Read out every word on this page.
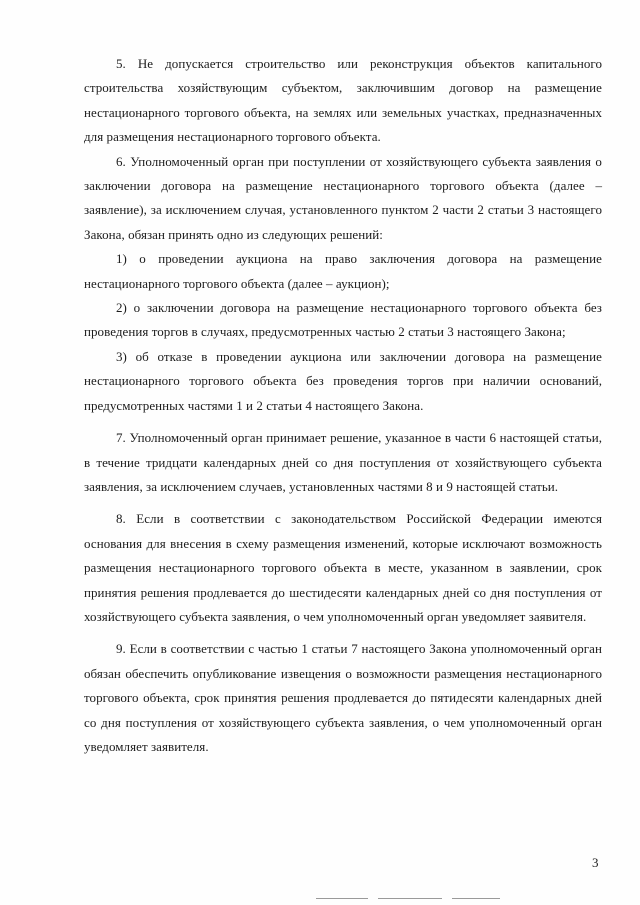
5. Не допускается строительство или реконструкция объектов капитального строительства хозяйствующим субъектом, заключившим договор на размещение нестационарного торгового объекта, на землях или земельных участках, предназначенных для размещения нестационарного торгового объекта.

6. Уполномоченный орган при поступлении от хозяйствующего субъекта заявления о заключении договора на размещение нестационарного торгового объекта (далее – заявление), за исключением случая, установленного пунктом 2 части 2 статьи 3 настоящего Закона, обязан принять одно из следующих решений:

1) о проведении аукциона на право заключения договора на размещение нестационарного торгового объекта (далее – аукцион);

2) о заключении договора на размещение нестационарного торгового объекта без проведения торгов в случаях, предусмотренных частью 2 статьи 3 настоящего Закона;

3) об отказе в проведении аукциона или заключении договора на размещение нестационарного торгового объекта без проведения торгов при наличии оснований, предусмотренных частями 1 и 2 статьи 4 настоящего Закона.

7. Уполномоченный орган принимает решение, указанное в части 6 настоящей статьи, в течение тридцати календарных дней со дня поступления от хозяйствующего субъекта заявления, за исключением случаев, установленных частями 8 и 9 настоящей статьи.

8. Если в соответствии с законодательством Российской Федерации имеются основания для внесения в схему размещения изменений, которые исключают возможность размещения нестационарного торгового объекта в месте, указанном в заявлении, срок принятия решения продлевается до шестидесяти календарных дней со дня поступления от хозяйствующего субъекта заявления, о чем уполномоченный орган уведомляет заявителя.

9. Если в соответствии с частью 1 статьи 7 настоящего Закона уполномоченный орган обязан обеспечить опубликование извещения о возможности размещения нестационарного торгового объекта, срок принятия решения продлевается до пятидесяти календарных дней со дня поступления от хозяйствующего субъекта заявления, о чем уполномоченный орган уведомляет заявителя.

3
